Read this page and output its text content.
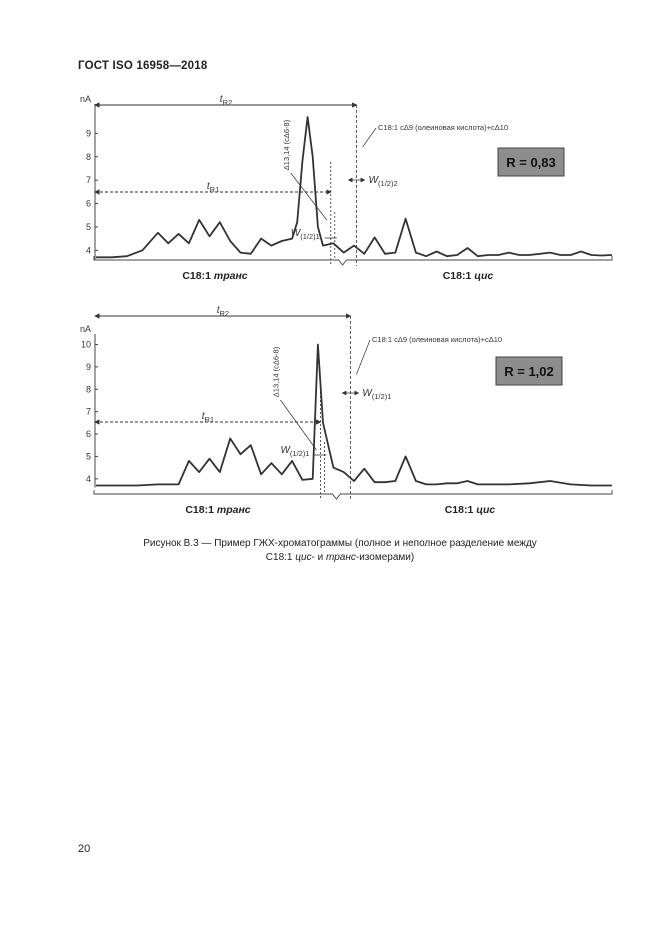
ГОСТ ISO 16958—2018
nA
4
5
6
7
8
9
$t_{R2}$
$t_{R1}$
$W_{(1/2)2}$
$W_{(1/2)1}$
C18:1 cΔ9 (олеиновая кислота)+cΔ10
Δ13,14 (cΔ6-8)	R = 0,83
С18:1 транс	С18:1 цис
nA
4
5
6
7
8
9
10
$t_{R2}$
$t_{R1}$
$W_{(1/2)1}$
$W_{(1/2)1}$
C18:1 cΔ9 (олеиновая кислота)+cΔ10
Δ13,14 (cΔ6-8)	R = 1,02
С18:1 транс	С18:1 цис
Рисунок В.3 — Пример ГЖХ-хроматограммы (полное и неполное разделение между
С18:1 цис- и транс-изомерами)
20
